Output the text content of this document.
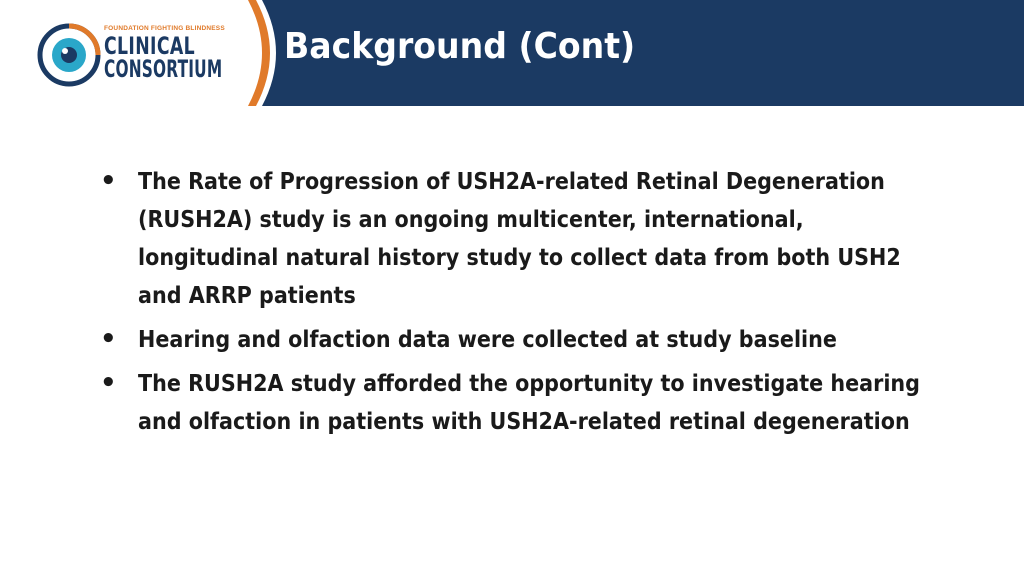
FOUNDATION FIGHTING BLINDNESS
CLINICAL
CONSORTIUM
Background (Cont)
• The Rate of Progression of USH2A-related Retinal Degeneration (RUSH2A) study is an ongoing multicenter, international, longitudinal natural history study to collect data from both USH2 and ARRP patients
• Hearing and olfaction data were collected at study baseline
• The RUSH2A study afforded the opportunity to investigate hearing and olfaction in patients with USH2A-related retinal degeneration
